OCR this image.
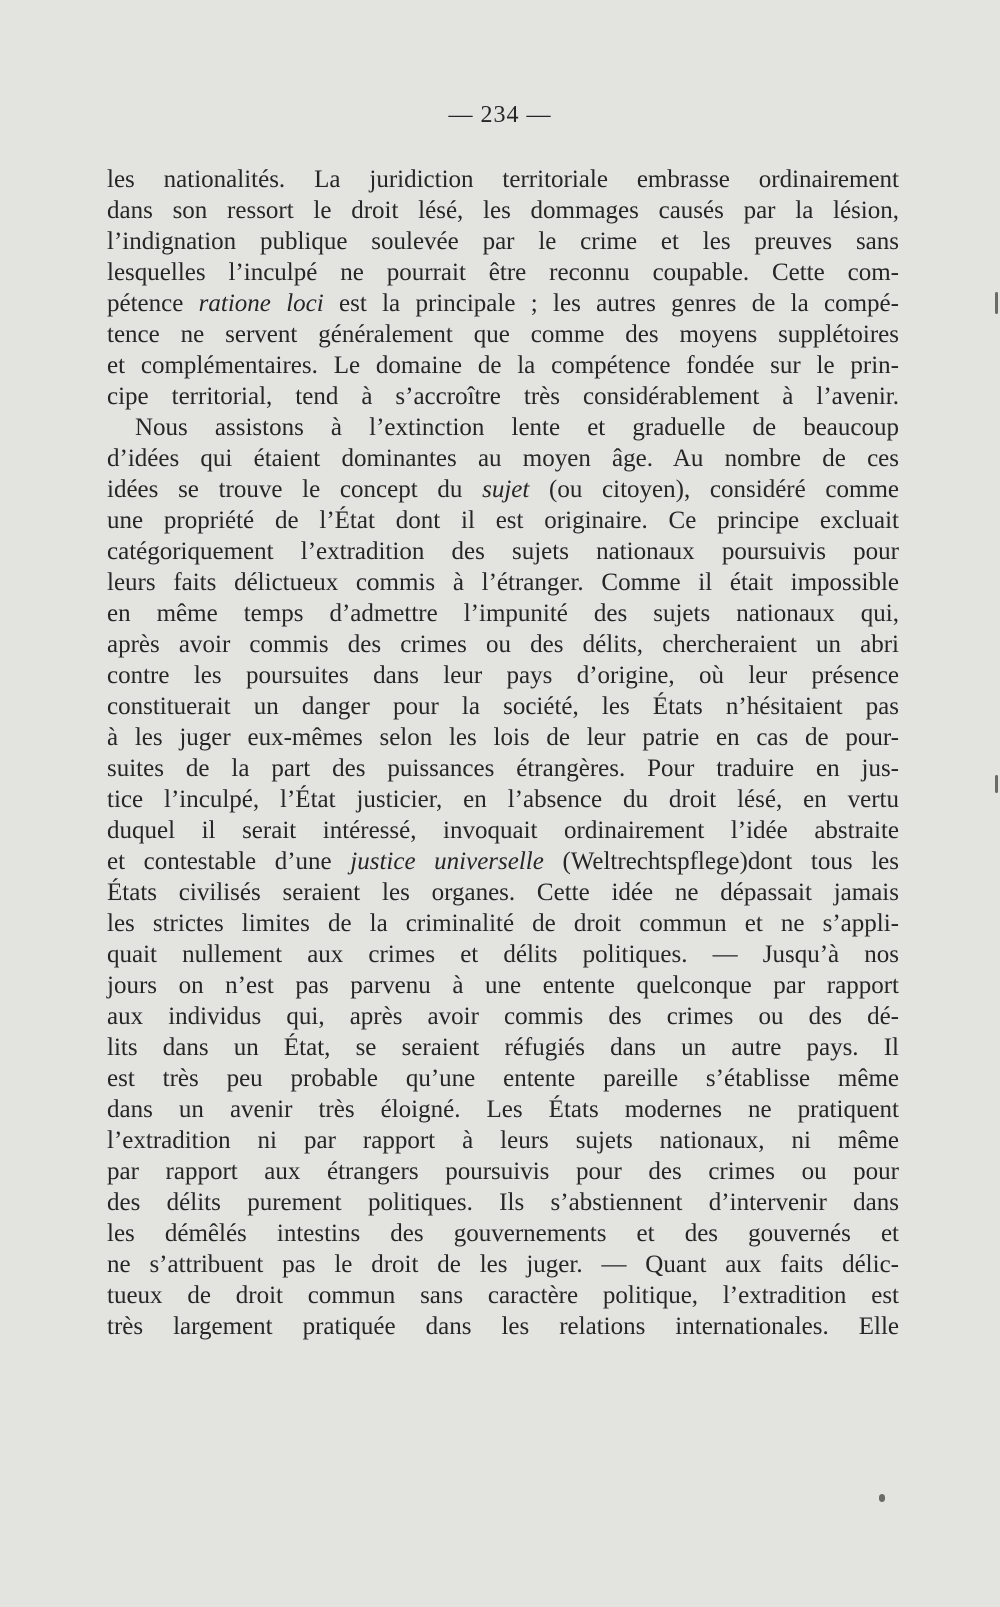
— 234 —
les nationalités. La juridiction territoriale embrasse ordinairement
dans son ressort le droit lésé, les dommages causés par la lésion,
l’indignation publique soulevée par le crime et les preuves sans
lesquelles l’inculpé ne pourrait être reconnu coupable. Cette com-
pétence ratione loci est la principale ; les autres genres de la compé-
tence ne servent généralement que comme des moyens supplétoires
et complémentaires. Le domaine de la compétence fondée sur le prin-
cipe territorial, tend à s’accroître très considérablement à l’avenir.
Nous assistons à l’extinction lente et graduelle de beaucoup
d’idées qui étaient dominantes au moyen âge. Au nombre de ces
idées se trouve le concept du sujet (ou citoyen), considéré comme
une propriété de l’État dont il est originaire. Ce principe excluait
catégoriquement l’extradition des sujets nationaux poursuivis pour
leurs faits délictueux commis à l’étranger. Comme il était impossible
en même temps d’admettre l’impunité des sujets nationaux qui,
après avoir commis des crimes ou des délits, chercheraient un abri
contre les poursuites dans leur pays d’origine, où leur présence
constituerait un danger pour la société, les États n’hésitaient pas
à les juger eux-mêmes selon les lois de leur patrie en cas de pour-
suites de la part des puissances étrangères. Pour traduire en jus-
tice l’inculpé, l’État justicier, en l’absence du droit lésé, en vertu
duquel il serait intéressé, invoquait ordinairement l’idée abstraite
et contestable d’une justice universelle (Weltrechtspflege)dont tous les
États civilisés seraient les organes. Cette idée ne dépassait jamais
les strictes limites de la criminalité de droit commun et ne s’appli-
quait nullement aux crimes et délits politiques. — Jusqu’à nos
jours on n’est pas parvenu à une entente quelconque par rapport
aux individus qui, après avoir commis des crimes ou des dé-
lits dans un État, se seraient réfugiés dans un autre pays. Il
est très peu probable qu’une entente pareille s’établisse même
dans un avenir très éloigné. Les États modernes ne pratiquent
l’extradition ni par rapport à leurs sujets nationaux, ni même
par rapport aux étrangers poursuivis pour des crimes ou pour
des délits purement politiques. Ils s’abstiennent d’intervenir dans
les démêlés intestins des gouvernements et des gouvernés et
ne s’attribuent pas le droit de les juger. — Quant aux faits délic-
tueux de droit commun sans caractère politique, l’extradition est
très largement pratiquée dans les relations internationales. Elle
